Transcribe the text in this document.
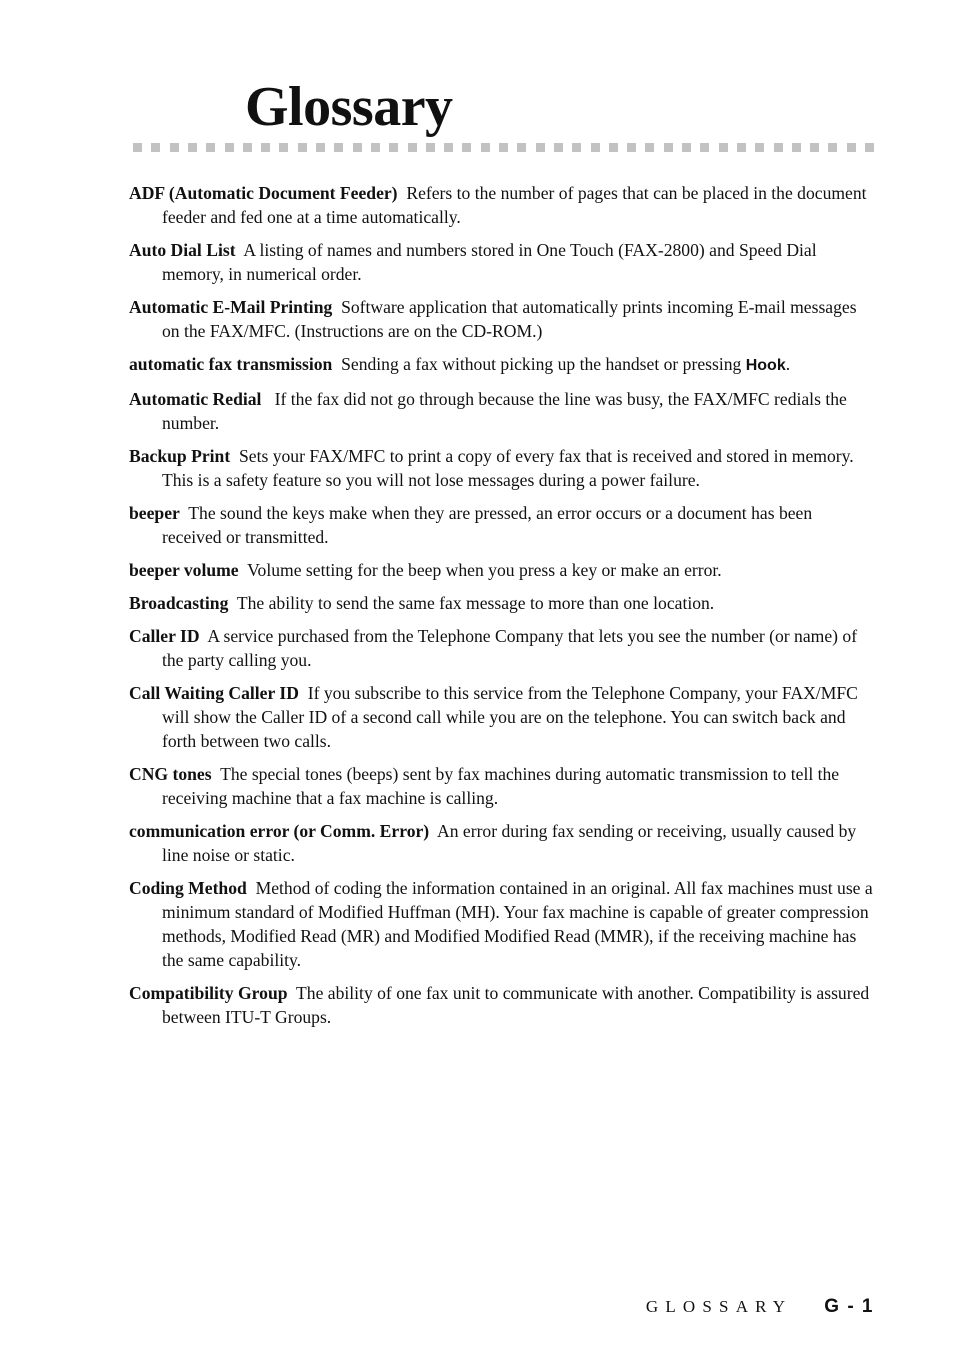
Glossary

ADF (Automatic Document Feeder) Refers to the number of pages that can be placed in the document feeder and fed one at a time automatically.

Auto Dial List A listing of names and numbers stored in One Touch (FAX-2800) and Speed Dial memory, in numerical order.

Automatic E-Mail Printing Software application that automatically prints incoming E-mail messages on the FAX/MFC. (Instructions are on the CD-ROM.)

automatic fax transmission Sending a fax without picking up the handset or pressing Hook.

Automatic Redial If the fax did not go through because the line was busy, the FAX/MFC redials the number.

Backup Print Sets your FAX/MFC to print a copy of every fax that is received and stored in memory. This is a safety feature so you will not lose messages during a power failure.

beeper The sound the keys make when they are pressed, an error occurs or a document has been received or transmitted.

beeper volume Volume setting for the beep when you press a key or make an error.

Broadcasting The ability to send the same fax message to more than one location.

Caller ID A service purchased from the Telephone Company that lets you see the number (or name) of the party calling you.

Call Waiting Caller ID If you subscribe to this service from the Telephone Company, your FAX/MFC will show the Caller ID of a second call while you are on the telephone. You can switch back and forth between two calls.

CNG tones The special tones (beeps) sent by fax machines during automatic transmission to tell the receiving machine that a fax machine is calling.

communication error (or Comm. Error) An error during fax sending or receiving, usually caused by line noise or static.

Coding Method Method of coding the information contained in an original. All fax machines must use a minimum standard of Modified Huffman (MH). Your fax machine is capable of greater compression methods, Modified Read (MR) and Modified Modified Read (MMR), if the receiving machine has the same capability.

Compatibility Group The ability of one fax unit to communicate with another. Compatibility is assured between ITU-T Groups.

GLOSSARY G - 1
